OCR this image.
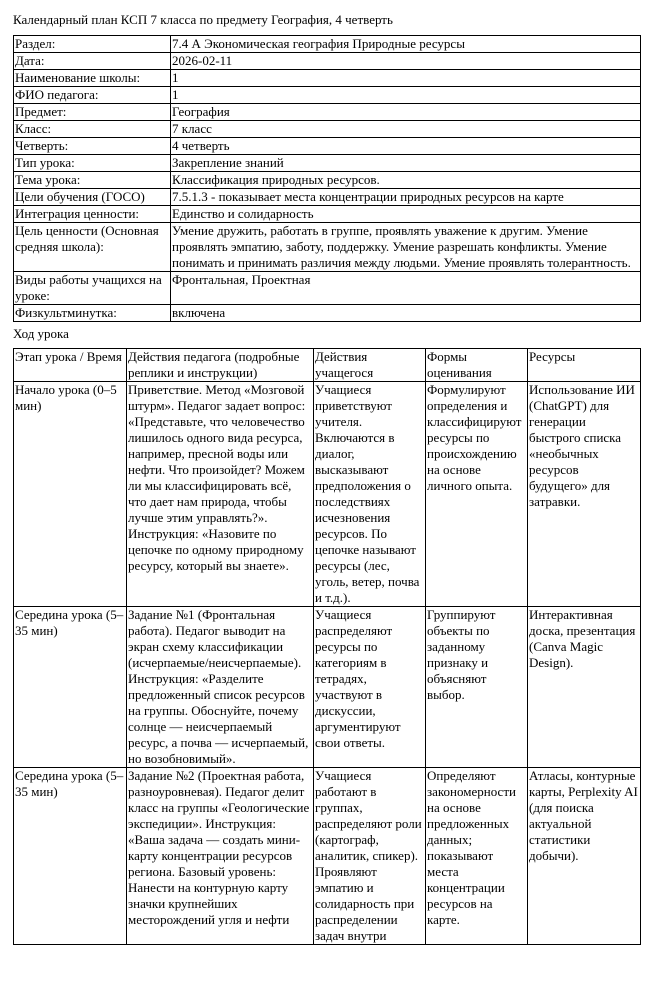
Календарный план КСП 7 класса по предмету География, 4 четверть
Раздел:	7.4 А Экономическая география Природные ресурсы
Дата:	2026-02-11
Наименование школы:	1
ФИО педагога:	1
Предмет:	География
Класс:	7 класс
Четверть:	4 четверть
Тип урока:	Закрепление знаний
Тема урока:	Классификация природных ресурсов.
Цели обучения (ГОСО)	7.5.1.3 - показывает места концентрации природных ресурсов на карте
Интеграция ценности:	Единство и солидарность
Цель ценности (Основная средняя школа):	Умение дружить, работать в группе, проявлять уважение к другим. Умение проявлять эмпатию, заботу, поддержку. Умение разрешать конфликты. Умение понимать и принимать различия между людьми. Умение проявлять толерантность.
Виды работы учащихся на уроке:	Фронтальная, Проектная
Физкультминутка:	включена
Ход урока
Этап урока / Время	Действия педагога (подробные реплики и инструкции)	Действия учащегося	Формы оценивания	Ресурсы
Начало урока (0–5 мин)	Приветствие. Метод «Мозговой штурм». Педагог задает вопрос: «Представьте, что человечество лишилось одного вида ресурса, например, пресной воды или нефти. Что произойдет? Можем ли мы классифицировать всё, что дает нам природа, чтобы лучше этим управлять?». Инструкция: «Назовите по цепочке по одному природному ресурсу, который вы знаете».	Учащиеся приветствуют учителя. Включаются в диалог, высказывают предположения о последствиях исчезновения ресурсов. По цепочке называют ресурсы (лес, уголь, ветер, почва и т.д.).	Формулируют определения и классифицируют ресурсы по происхождению на основе личного опыта.	Использование ИИ (ChatGPT) для генерации быстрого списка «необычных ресурсов будущего» для затравки.
Середина урока (5–35 мин)	Задание №1 (Фронтальная работа). Педагог выводит на экран схему классификации (исчерпаемые/неисчерпаемые). Инструкция: «Разделите предложенный список ресурсов на группы. Обоснуйте, почему солнце — неисчерпаемый ресурс, а почва — исчерпаемый, но возобновимый».	Учащиеся распределяют ресурсы по категориям в тетрадях, участвуют в дискуссии, аргументируют свои ответы.	Группируют объекты по заданному признаку и объясняют выбор.	Интерактивная доска, презентация (Canva Magic Design).
Середина урока (5–35 мин)	Задание №2 (Проектная работа, разноуровневая). Педагог делит класс на группы «Геологические экспедиции». Инструкция: «Ваша задача — создать мини-карту концентрации ресурсов региона. Базовый уровень: Нанести на контурную карту значки крупнейших месторождений угля и нефти	Учащиеся работают в группах, распределяют роли (картограф, аналитик, спикер). Проявляют эмпатию и солидарность при распределении задач внутри	Определяют закономерности на основе предложенных данных; показывают места концентрации ресурсов на карте.	Атласы, контурные карты, Perplexity AI (для поиска актуальной статистики добычи).
